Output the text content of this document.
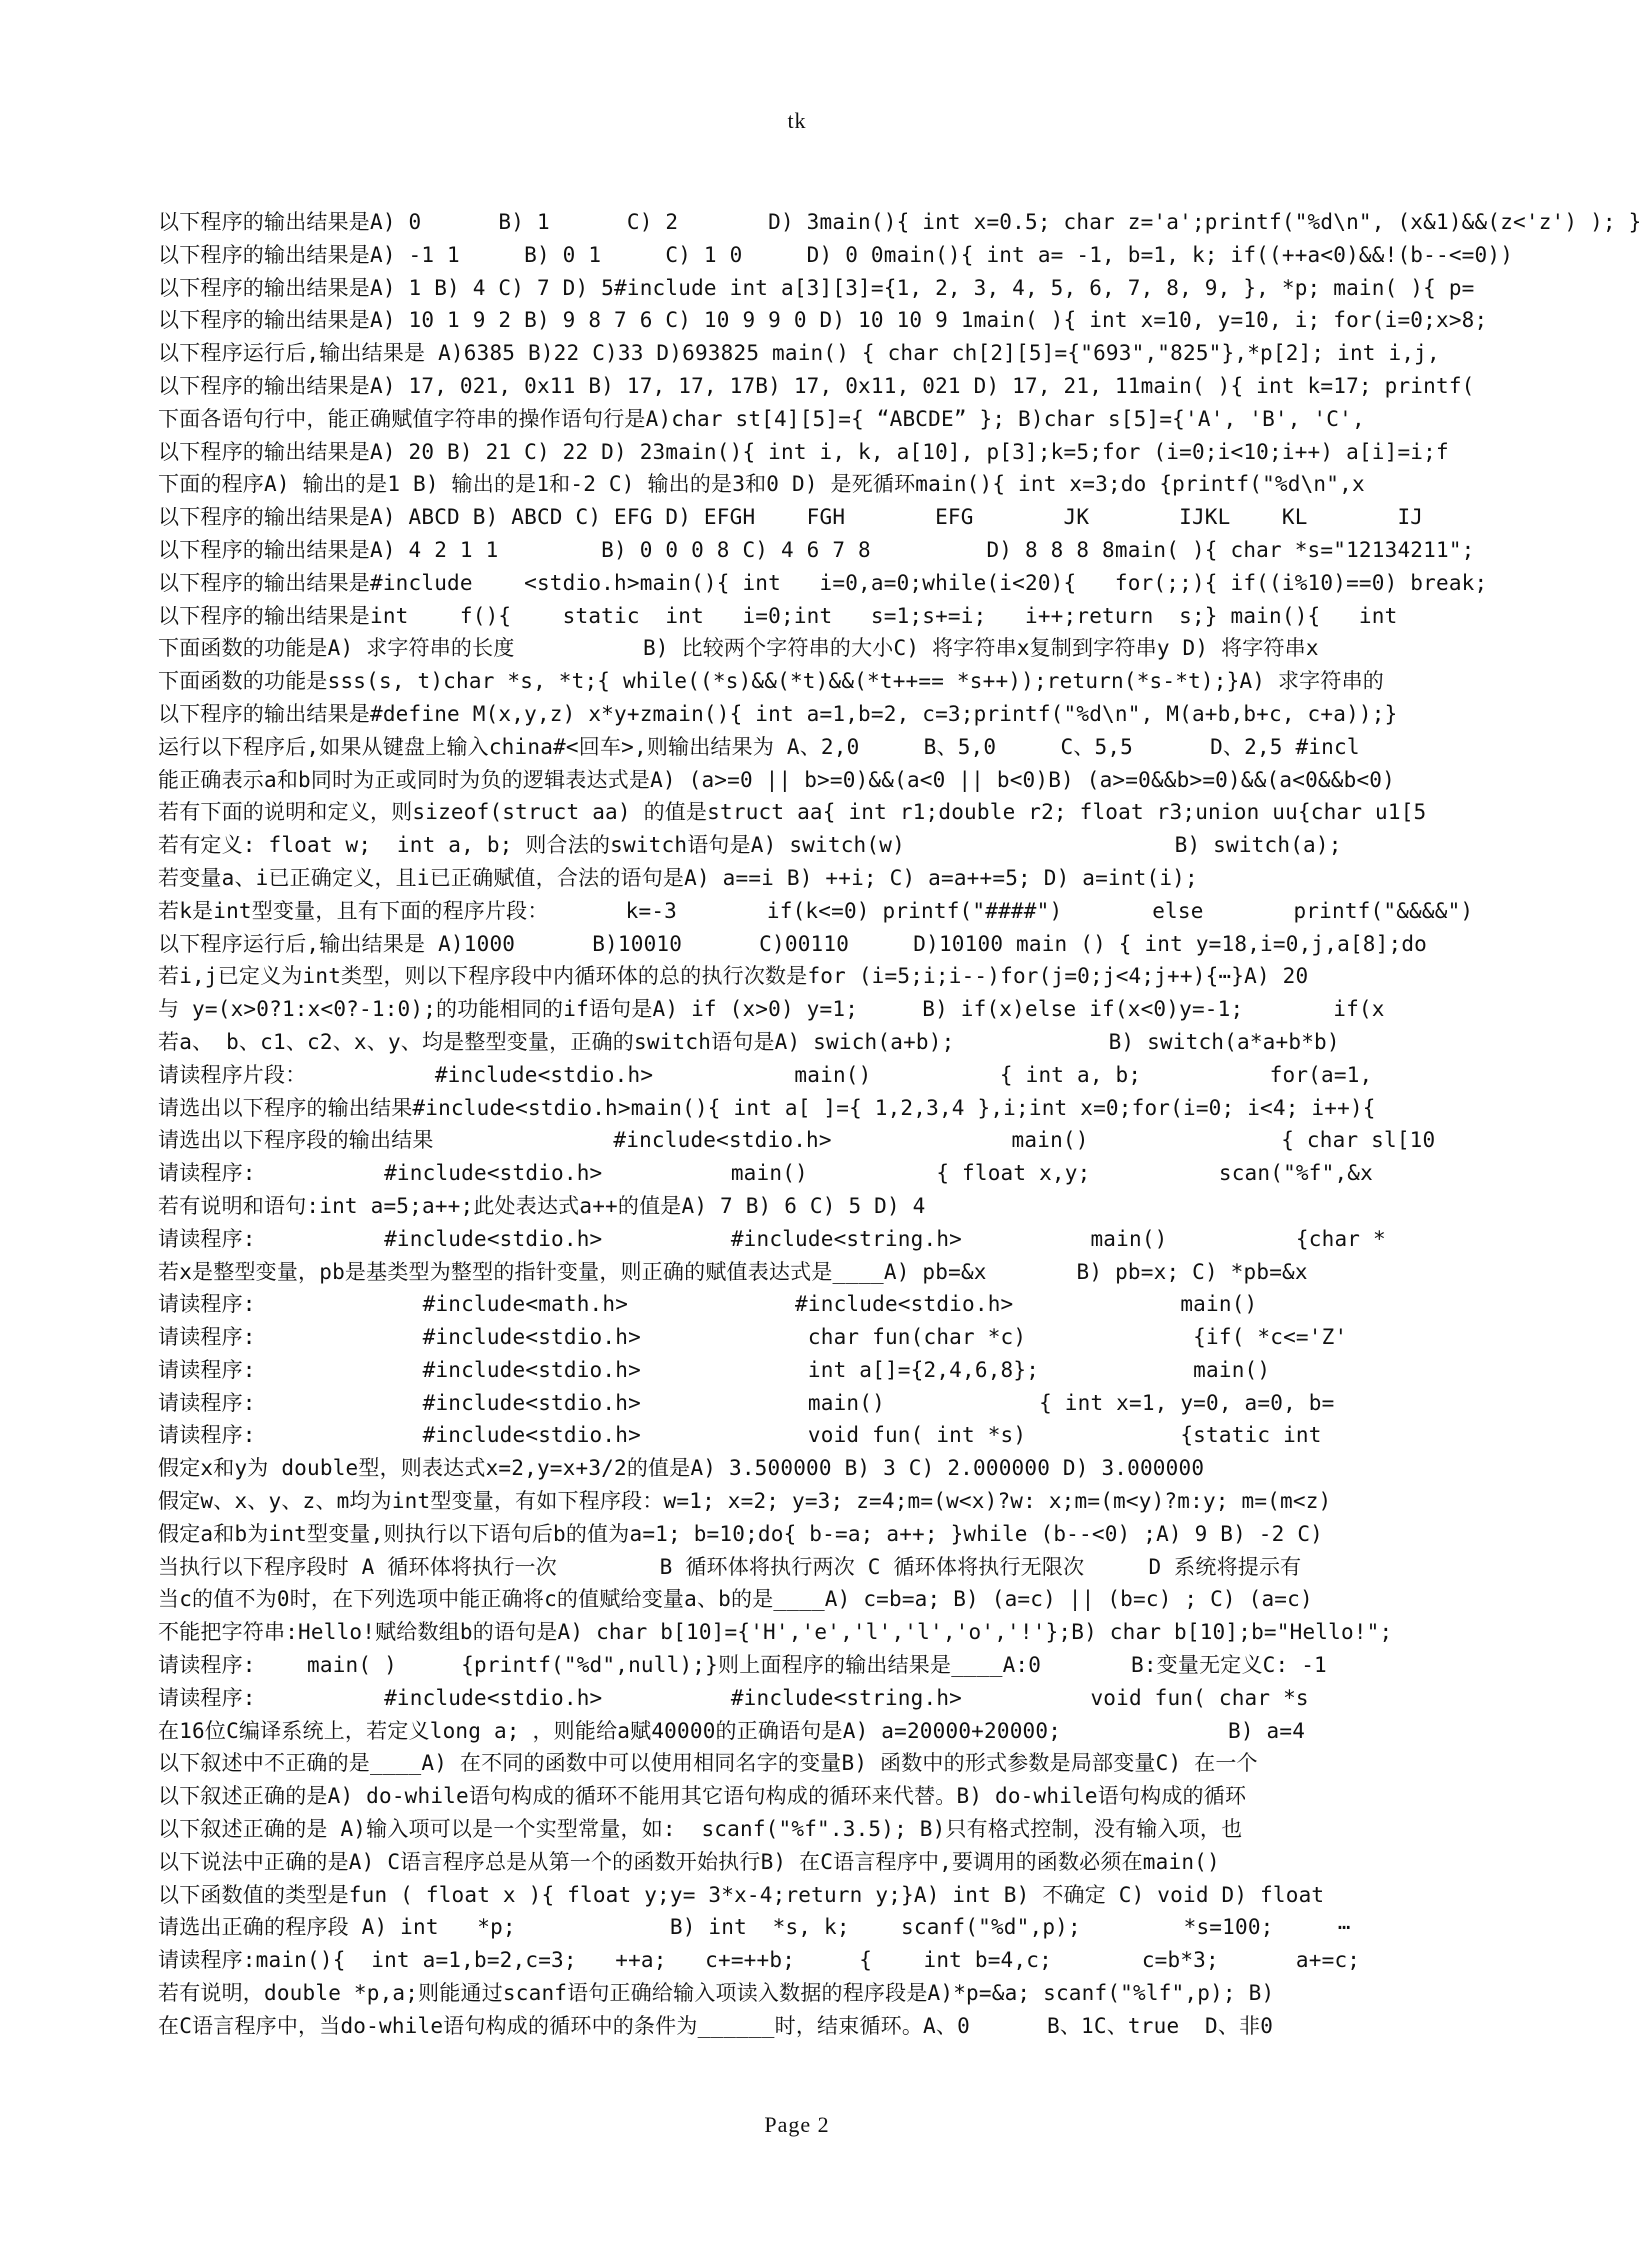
tk
以下程序的输出结果是A) 0      B) 1      C) 2       D) 3main(){ int x=0.5; char z='a';printf("%d\n", (x&1)&&(z<'z') ); }
以下程序的输出结果是A) -1 1     B) 0 1     C) 1 0     D) 0 0main(){ int a= -1, b=1, k; if((++a<0)&&!(b--<=0))
以下程序的输出结果是A) 1 B) 4 C) 7 D) 5#include int a[3][3]={1, 2, 3, 4, 5, 6, 7, 8, 9, }, *p; main( ){ p=
以下程序的输出结果是A) 10 1 9 2 B) 9 8 7 6 C) 10 9 9 0 D) 10 10 9 1main( ){ int x=10, y=10, i; for(i=0;x>8;
以下程序运行后,输出结果是 A)6385 B)22 C)33 D)693825 main() { char ch[2][5]={"693","825"},*p[2]; int i,j,
以下程序的输出结果是A) 17, 021, 0x11 B) 17, 17, 17B) 17, 0x11, 021 D) 17, 21, 11main( ){ int k=17; printf(
下面各语句行中，能正确赋值字符串的操作语句行是A)char st[4][5]={ “ABCDE” }; B)char s[5]={'A', 'B', 'C',
以下程序的输出结果是A) 20 B) 21 C) 22 D) 23main(){ int i, k, a[10], p[3];k=5;for (i=0;i<10;i++) a[i]=i;f
下面的程序A) 输出的是1 B) 输出的是1和-2 C) 输出的是3和0 D) 是死循环main(){ int x=3;do {printf("%d\n",x
以下程序的输出结果是A) ABCD B) ABCD C) EFG D) EFGH    FGH       EFG       JK       IJKL    KL       IJ
以下程序的输出结果是A) 4 2 1 1        B) 0 0 0 8 C) 4 6 7 8         D) 8 8 8 8main( ){ char *s="12134211";
以下程序的输出结果是#include    <stdio.h>main(){ int   i=0,a=0;while(i<20){   for(;;){ if((i%10)==0) break;
以下程序的输出结果是int    f(){    static  int   i=0;int   s=1;s+=i;   i++;return  s;} main(){   int
下面函数的功能是A) 求字符串的长度          B) 比较两个字符串的大小C) 将字符串x复制到字符串y D) 将字符串x
下面函数的功能是sss(s, t)char *s, *t;{ while((*s)&&(*t)&&(*t++== *s++));return(*s-*t);}A) 求字符串的
以下程序的输出结果是#define M(x,y,z) x*y+zmain(){ int a=1,b=2, c=3;printf("%d\n", M(a+b,b+c, c+a));}
运行以下程序后,如果从键盘上输入china#<回车>,则输出结果为 A、2,0     B、5,0     C、5,5      D、2,5 #incl
能正确表示a和b同时为正或同时为负的逻辑表达式是A) (a>=0 || b>=0)&&(a<0 || b<0)B) (a>=0&&b>=0)&&(a<0&&b<0)
若有下面的说明和定义，则sizeof(struct aa) 的值是struct aa{ int r1;double r2; float r3;union uu{char u1[5
若有定义: float w;  int a, b; 则合法的switch语句是A) switch(w)                     B) switch(a);
若变量a、i已正确定义，且i已正确赋值，合法的语句是A) a==i B) ++i; C) a=a++=5; D) a=int(i);
若k是int型变量，且有下面的程序片段：      k=-3       if(k<=0) printf("####")       else       printf("&&&&")
以下程序运行后,输出结果是 A)1000      B)10010      C)00110     D)10100 main () { int y=18,i=0,j,a[8];do
若i,j已定义为int类型，则以下程序段中内循环体的总的执行次数是for (i=5;i;i--)for(j=0;j<4;j++){⋯}A) 20
与 y=(x>0?1:x<0?-1:0);的功能相同的if语句是A) if (x>0) y=1;     B) if(x)else if(x<0)y=-1;       if(x
若a、 b、c1、c2、x、y、均是整型变量，正确的switch语句是A) swich(a+b);            B) switch(a*a+b*b)
请读程序片段：          #include<stdio.h>           main()          { int a, b;          for(a=1,
请选出以下程序的输出结果#include<stdio.h>main(){ int a[ ]={ 1,2,3,4 },i;int x=0;for(i=0; i<4; i++){
请选出以下程序段的输出结果              #include<stdio.h>              main()               { char sl[10
请读程序:          #include<stdio.h>          main()          { float x,y;          scan("%f",&x
若有说明和语句:int a=5;a++;此处表达式a++的值是A) 7 B) 6 C) 5 D) 4
请读程序:          #include<stdio.h>          #include<string.h>          main()          {char *
若x是整型变量，pb是基类型为整型的指针变量，则正确的赋值表达式是____A) pb=&x       B) pb=x; C) *pb=&x
请读程序:             #include<math.h>             #include<stdio.h>             main()
请读程序:             #include<stdio.h>             char fun(char *c)             {if( *c<='Z'
请读程序:             #include<stdio.h>             int a[]={2,4,6,8};            main()
请读程序:             #include<stdio.h>             main()            { int x=1, y=0, a=0, b=
请读程序:             #include<stdio.h>             void fun( int *s)            {static int
假定x和y为 double型，则表达式x=2,y=x+3/2的值是A) 3.500000 B) 3 C) 2.000000 D) 3.000000
假定w、x、y、z、m均为int型变量，有如下程序段：w=1; x=2; y=3; z=4;m=(w<x)?w: x;m=(m<y)?m:y; m=(m<z)
假定a和b为int型变量,则执行以下语句后b的值为a=1; b=10;do{ b-=a; a++; }while (b--<0) ;A) 9 B) -2 C)
当执行以下程序段时 A 循环体将执行一次        B 循环体将执行两次 C 循环体将执行无限次     D 系统将提示有
当c的值不为0时，在下列选项中能正确将c的值赋给变量a、b的是____A) c=b=a; B) (a=c) || (b=c) ; C) (a=c)
不能把字符串:Hello!赋给数组b的语句是A) char b[10]={'H','e','l','l','o','!'};B) char b[10];b="Hello!";
请读程序:    main( )     {printf("%d",null);}则上面程序的输出结果是____A:0       B:变量无定义C: -1
请读程序:          #include<stdio.h>          #include<string.h>          void fun( char *s
在16位C编译系统上，若定义long a; ，则能给a赋40000的正确语句是A) a=20000+20000;             B) a=4
以下叙述中不正确的是____A) 在不同的函数中可以使用相同名字的变量B) 函数中的形式参数是局部变量C) 在一个
以下叙述正确的是A) do-while语句构成的循环不能用其它语句构成的循环来代替。B) do-while语句构成的循环
以下叙述正确的是 A)输入项可以是一个实型常量，如:  scanf("%f".3.5); B)只有格式控制，没有输入项，也
以下说法中正确的是A) C语言程序总是从第一个的函数开始执行B) 在C语言程序中,要调用的函数必须在main()
以下函数值的类型是fun ( float x ){ float y;y= 3*x-4;return y;}A) int B) 不确定 C) void D) float
请选出正确的程序段 A) int   *p;            B) int  *s, k;    scanf("%d",p);        *s=100;     ⋯
请读程序:main(){  int a=1,b=2,c=3;   ++a;   c+=++b;     {    int b=4,c;       c=b*3;      a+=c;
若有说明，double *p,a;则能通过scanf语句正确给输入项读入数据的程序段是A)*p=&a; scanf("%lf",p); B)
在C语言程序中，当do-while语句构成的循环中的条件为______时，结束循环。A、0      B、1C、true  D、非0
Page 2
